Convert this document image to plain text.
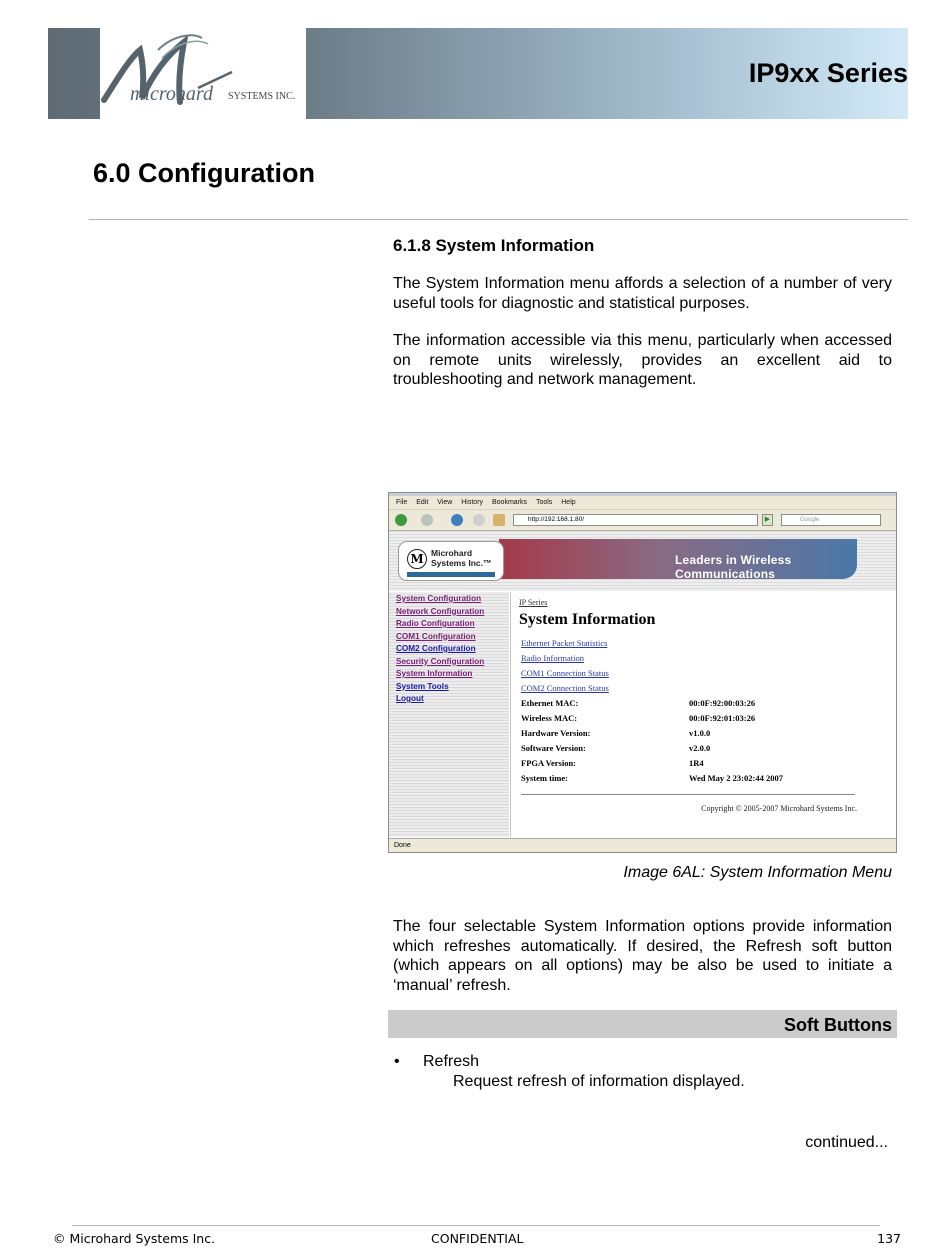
microhard SYSTEMS INC.
IP9xx Series
6.0 Configuration
6.1.8 System Information
The System Information menu affords a selection of a number of very useful tools for diagnostic and statistical purposes.
The information accessible via this menu, particularly when accessed on remote units wirelessly, provides an excellent aid to troubleshooting and network management.
File Edit View History Bookmarks Tools Help
http://192.168.1.80/	▶	Google
Leaders in Wireless Communications
M Microhard
Systems Inc.™
System Configuration
Network Configuration
Radio Configuration
COM1 Configuration
COM2 Configuration
Security Configuration
System Information
System Tools
Logout
IP Series
System Information
Ethernet Packet Statistics
Radio Information
COM1 Connection Status
COM2 Connection Status
Ethernet MAC:	00:0F:92:00:03:26
Wireless MAC:	00:0F:92:01:03:26
Hardware Version:	v1.0.0
Software Version:	v2.0.0
FPGA Version:	1R4
System time:	Wed May 2 23:02:44 2007
Copyright © 2005-2007 Microhard Systems Inc.
Done
Image 6AL: System Information Menu
The four selectable System Information options provide information which refreshes automatically. If desired, the Refresh soft button (which appears on all options) may be also be used to initiate a ‘manual’ refresh.
Soft Buttons
• Refresh
Request refresh of information displayed.
continued...
© Microhard Systems Inc.	CONFIDENTIAL	137
